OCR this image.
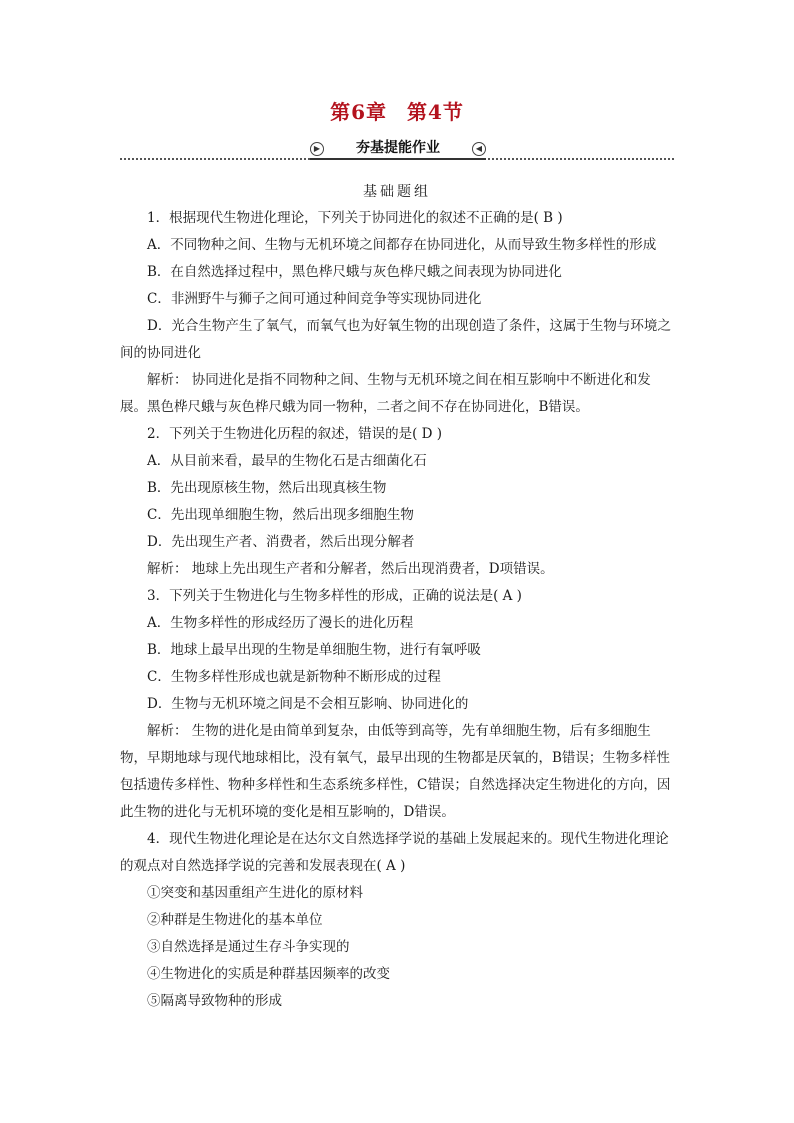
第6章 第4节
▶	夯基提能作业	◀
基础题组

1．根据现代生物进化理论，下列关于协同进化的叙述不正确的是( B )

A．不同物种之间、生物与无机环境之间都存在协同进化，从而导致生物多样性的形成

B．在自然选择过程中，黑色桦尺蛾与灰色桦尺蛾之间表现为协同进化

C．非洲野牛与狮子之间可通过种间竞争等实现协同进化

D．光合生物产生了氧气，而氧气也为好氧生物的出现创造了条件，这属于生物与环境之间的协同进化

解析： 协同进化是指不同物种之间、生物与无机环境之间在相互影响中不断进化和发展。黑色桦尺蛾与灰色桦尺蛾为同一物种，二者之间不存在协同进化，B错误。

2．下列关于生物进化历程的叙述，错误的是( D )

A．从目前来看，最早的生物化石是古细菌化石

B．先出现原核生物，然后出现真核生物

C．先出现单细胞生物，然后出现多细胞生物

D．先出现生产者、消费者，然后出现分解者

解析： 地球上先出现生产者和分解者，然后出现消费者，D项错误。

3．下列关于生物进化与生物多样性的形成，正确的说法是( A )

A．生物多样性的形成经历了漫长的进化历程

B．地球上最早出现的生物是单细胞生物，进行有氧呼吸

C．生物多样性形成也就是新物种不断形成的过程

D．生物与无机环境之间是不会相互影响、协同进化的

解析： 生物的进化是由简单到复杂，由低等到高等，先有单细胞生物，后有多细胞生物，早期地球与现代地球相比，没有氧气，最早出现的生物都是厌氧的，B错误；生物多样性包括遗传多样性、物种多样性和生态系统多样性，C错误；自然选择决定生物进化的方向，因此生物的进化与无机环境的变化是相互影响的，D错误。

4．现代生物进化理论是在达尔文自然选择学说的基础上发展起来的。现代生物进化理论的观点对自然选择学说的完善和发展表现在( A )

①突变和基因重组产生进化的原材料

②种群是生物进化的基本单位

③自然选择是通过生存斗争实现的

④生物进化的实质是种群基因频率的改变

⑤隔离导致物种的形成
